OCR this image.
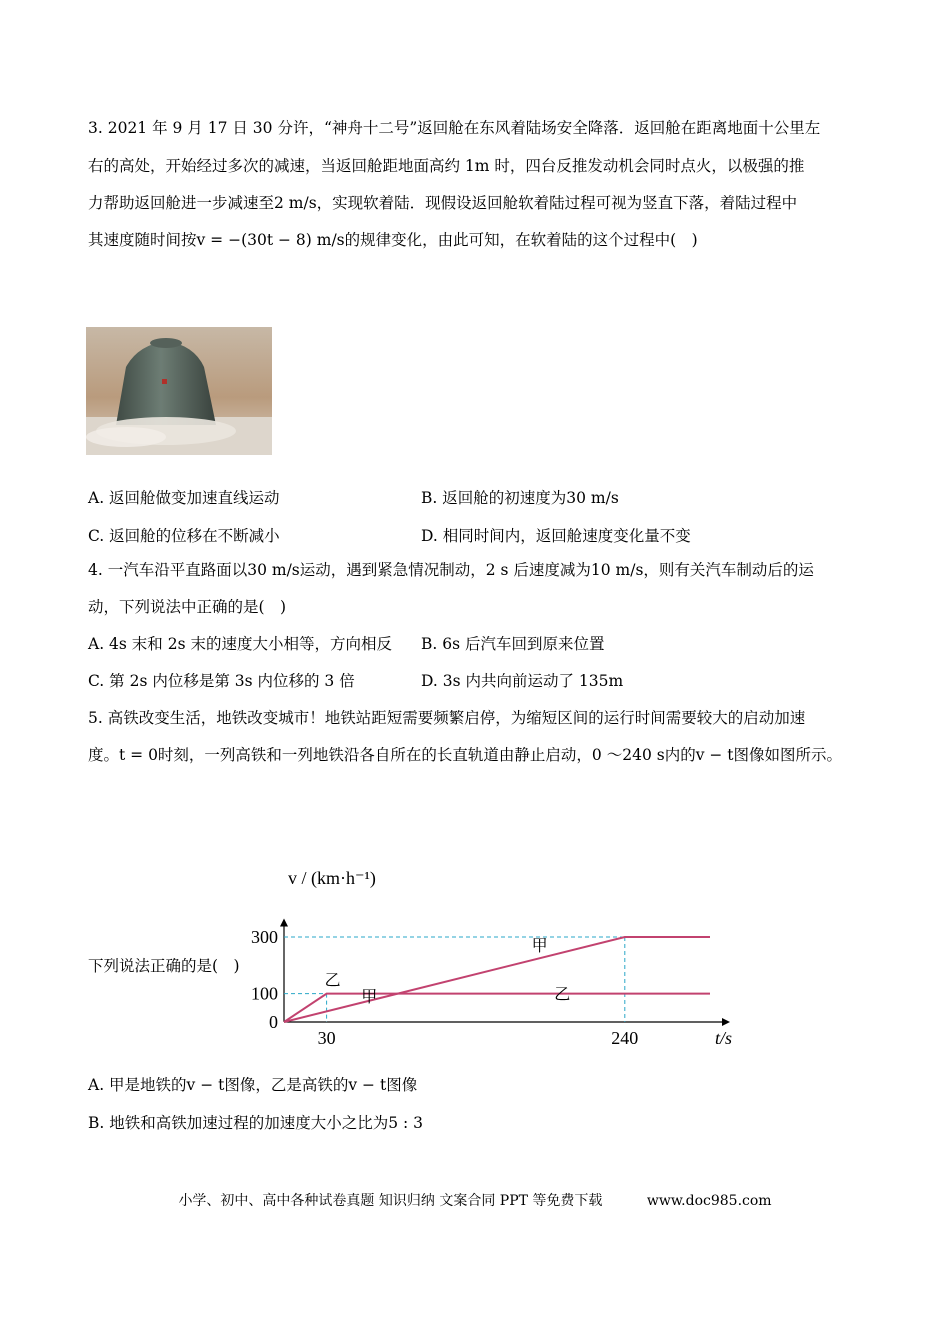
3. 2021 年 9 月 17 日 30 分许，“神舟十二号”返回舱在东风着陆场安全降落．返回舱在距离地面十公里左
右的高处，开始经过多次的减速，当返回舱距地面高约 1m 时，四台反推发动机会同时点火，以极强的推
力帮助返回舱进一步减速至2 m/s，实现软着陆．现假设返回舱软着陆过程可视为竖直下落，着陆过程中
其速度随时间按v = −(30t − 8) m/s的规律变化，由此可知，在软着陆的这个过程中(　)
A. 返回舱做变加速直线运动	B. 返回舱的初速度为30 m/s
C. 返回舱的位移在不断减小	D. 相同时间内，返回舱速度变化量不变
4. 一汽车沿平直路面以30 m/s运动，遇到紧急情况制动，2 s 后速度减为10 m/s，则有关汽车制动后的运
动，下列说法中正确的是(　)
A. 4s 末和 2s 末的速度大小相等，方向相反 B. 6s 后汽车回到原来位置
C. 第 2s 内位移是第 3s 内位移的 3 倍	D. 3s 内共向前运动了 135m
5. 高铁改变生活，地铁改变城市！地铁站距短需要频繁启停，为缩短区间的运行时间需要较大的启动加速
度。t = 0时刻，一列高铁和一列地铁沿各自所在的长直轨道由静止启动，0 ～240 s内的v − t图像如图所示。
下列说法正确的是(　)
0
100
300
30	240	t/s
v / (km·h⁻¹)
甲
乙
甲	乙
A. 甲是地铁的v − t图像，乙是高铁的v − t图像
B. 地铁和高铁加速过程的加速度大小之比为5 : 3
小学、初中、高中各种试卷真题 知识归纳 文案合同 PPT 等免费下载	www.doc985.com
